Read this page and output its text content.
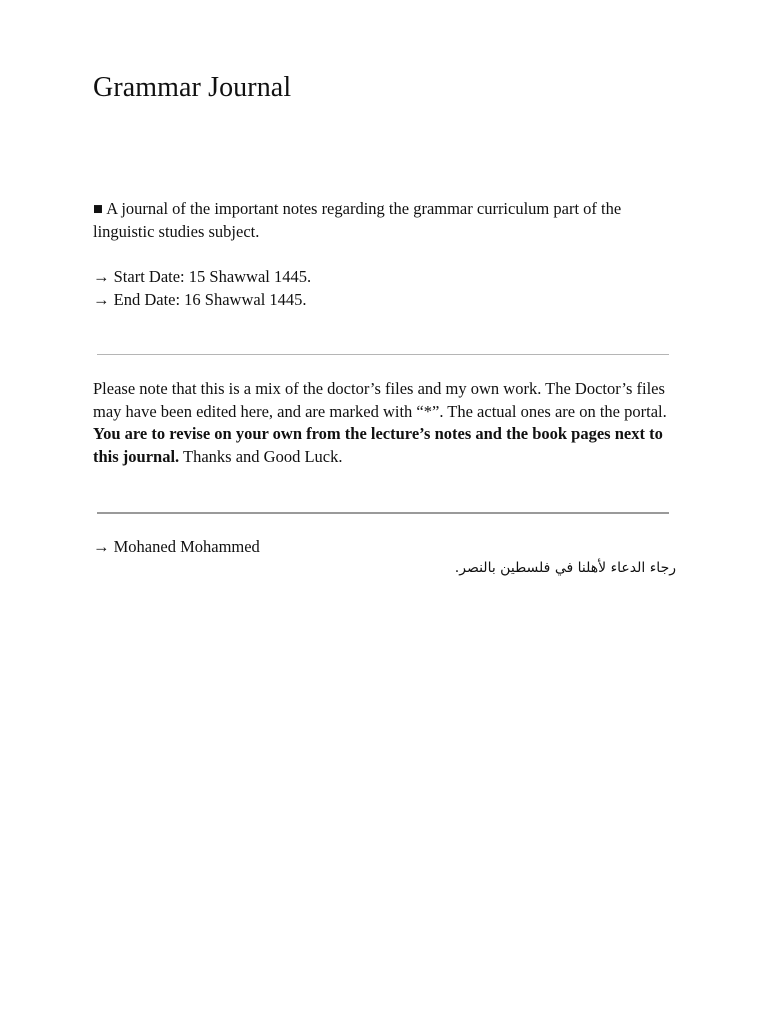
Grammar Journal

■ A journal of the important notes regarding the grammar curriculum part of the linguistic studies subject.

→ Start Date: 15 Shawwal 1445.
→ End Date: 16 Shawwal 1445.

Please note that this is a mix of the doctor’s files and my own work. The Doctor’s files may have been edited here, and are marked with “*”. The actual ones are on the portal. You are to revise on your own from the lecture’s notes and the book pages next to this journal. Thanks and Good Luck.

→ Mohaned Mohammed
رجاء الدعاء لأهلنا في فلسطين بالنصر.
